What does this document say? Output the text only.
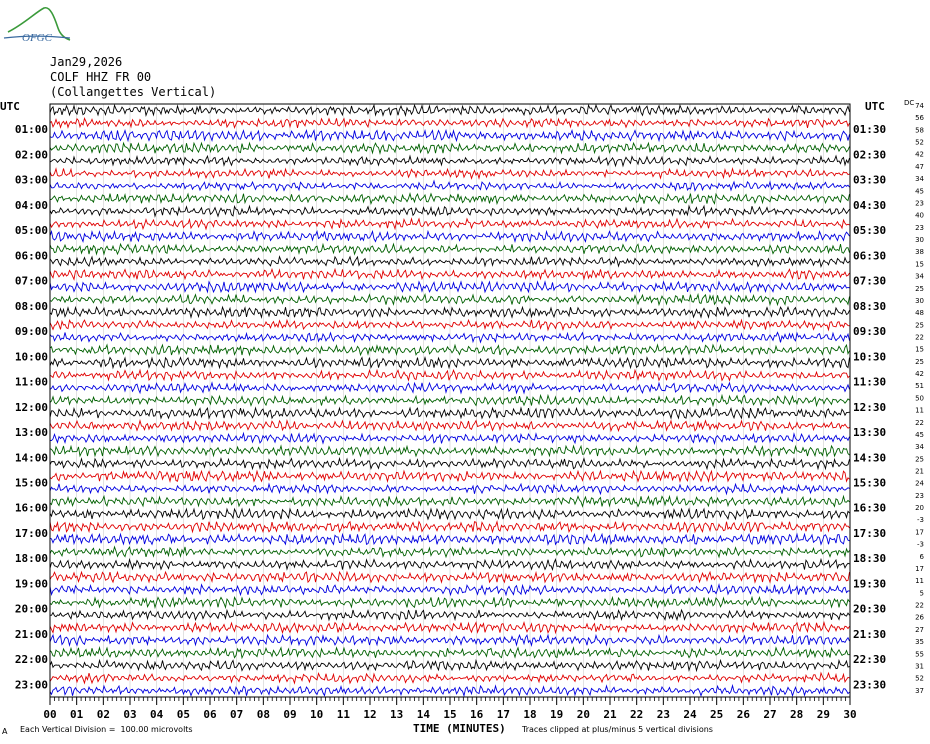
OFGC
Jan29,2026
COLF HHZ FR 00
(Collangettes Vertical)
00 01 02 03 04 05 06 07 08 09 10 11 12 13 14 15 16 17 18 19 20 21 22 23 24 25 26 27 28 29 30
UTC	UTC	DC
01:00
02:00
03:00
04:00
05:00
06:00
07:00
08:00
09:00
10:00
11:00
12:00
13:00
14:00
15:00
16:00
17:00
18:00
19:00
20:00
21:00
22:00
23:00
01:30
02:30
03:30
04:30
05:30
06:30
07:30
08:30
09:30
10:30
11:30
12:30
13:30
14:30
15:30
16:30
17:30
18:30
19:30
20:30
21:30
22:30
23:30
74
56
58
52
42
47
34
45
23
40
23
30
38
15
34
25
30
48
25
22
15
25
42
51
50
11
22
45
34
25
21
24
23
20
-3
17
-3
6
17
11
5
22
26
27
35
55
31
52
37
A Each Vertical Division =  100.00 microvolts	TIME (MINUTES) Traces clipped at plus/minus 5 vertical divisions
